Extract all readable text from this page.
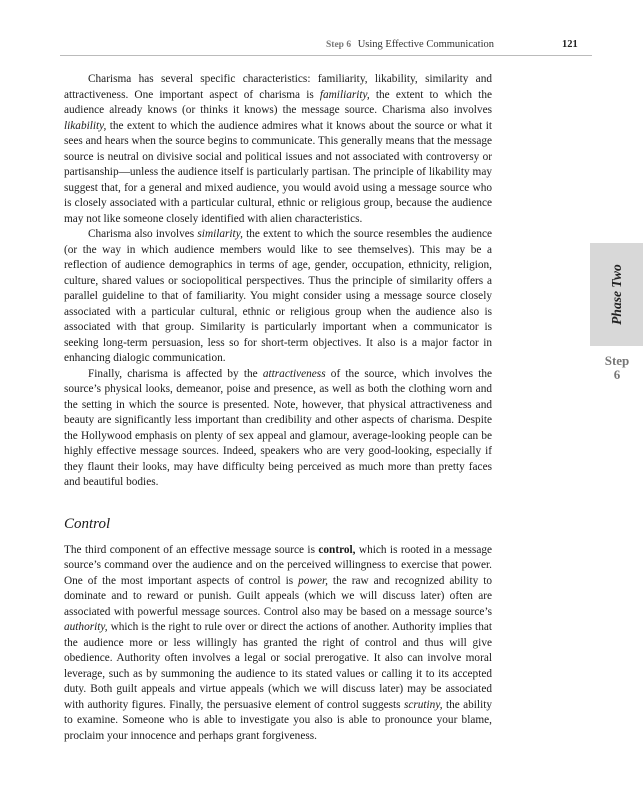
Step 6 Using Effective Communication	121

Charisma has several specific characteristics: familiarity, likability, similarity and attractiveness. One important aspect of charisma is familiarity, the extent to which the audience already knows (or thinks it knows) the message source. Charisma also involves likability, the extent to which the audience admires what it knows about the source or what it sees and hears when the source begins to communicate. This generally means that the message source is neutral on divisive social and political issues and not associated with controversy or partisanship—unless the audience itself is particularly partisan. The principle of likability may suggest that, for a general and mixed audience, you would avoid using a message source who is closely associated with a particular cultural, ethnic or religious group, because the audience may not like someone closely identified with alien characteristics.

Charisma also involves similarity, the extent to which the source resembles the audience (or the way in which audience members would like to see themselves). This may be a reflection of audience demographics in terms of age, gender, occupation, ethnicity, religion, culture, shared values or sociopolitical perspectives. Thus the principle of similarity offers a parallel guideline to that of familiarity. You might consider using a message source closely associated with a particular cultural, ethnic or religious group when the audience also is associated with that group. Similarity is particularly important when a communicator is seeking long-term persuasion, less so for short-term objectives. It also is a major factor in enhancing dialogic communication.

Finally, charisma is affected by the attractiveness of the source, which involves the source’s physical looks, demeanor, poise and presence, as well as both the clothing worn and the setting in which the source is presented. Note, however, that physical attractiveness and beauty are significantly less important than credibility and other aspects of charisma. Despite the Hollywood emphasis on plenty of sex appeal and glamour, average-looking people can be highly effective message sources. Indeed, speakers who are very good-looking, especially if they flaunt their looks, may have difficulty being perceived as much more than pretty faces and beautiful bodies.

Control

The third component of an effective message source is control, which is rooted in a message source’s command over the audience and on the perceived willingness to exercise that power. One of the most important aspects of control is power, the raw and recognized ability to dominate and to reward or punish. Guilt appeals (which we will discuss later) often are associated with powerful message sources. Control also may be based on a message source’s authority, which is the right to rule over or direct the actions of another. Authority implies that the audience more or less willingly has granted the right of control and thus will give obedience. Authority often involves a legal or social prerogative. It also can involve moral leverage, such as by summoning the audience to its stated values or calling it to its accepted duty. Both guilt appeals and virtue appeals (which we will discuss later) may be associated with authority figures. Finally, the persuasive element of control suggests scrutiny, the ability to examine. Someone who is able to investigate you also is able to pronounce your blame, proclaim your innocence and perhaps grant forgiveness.

Phase Two
Step
6
